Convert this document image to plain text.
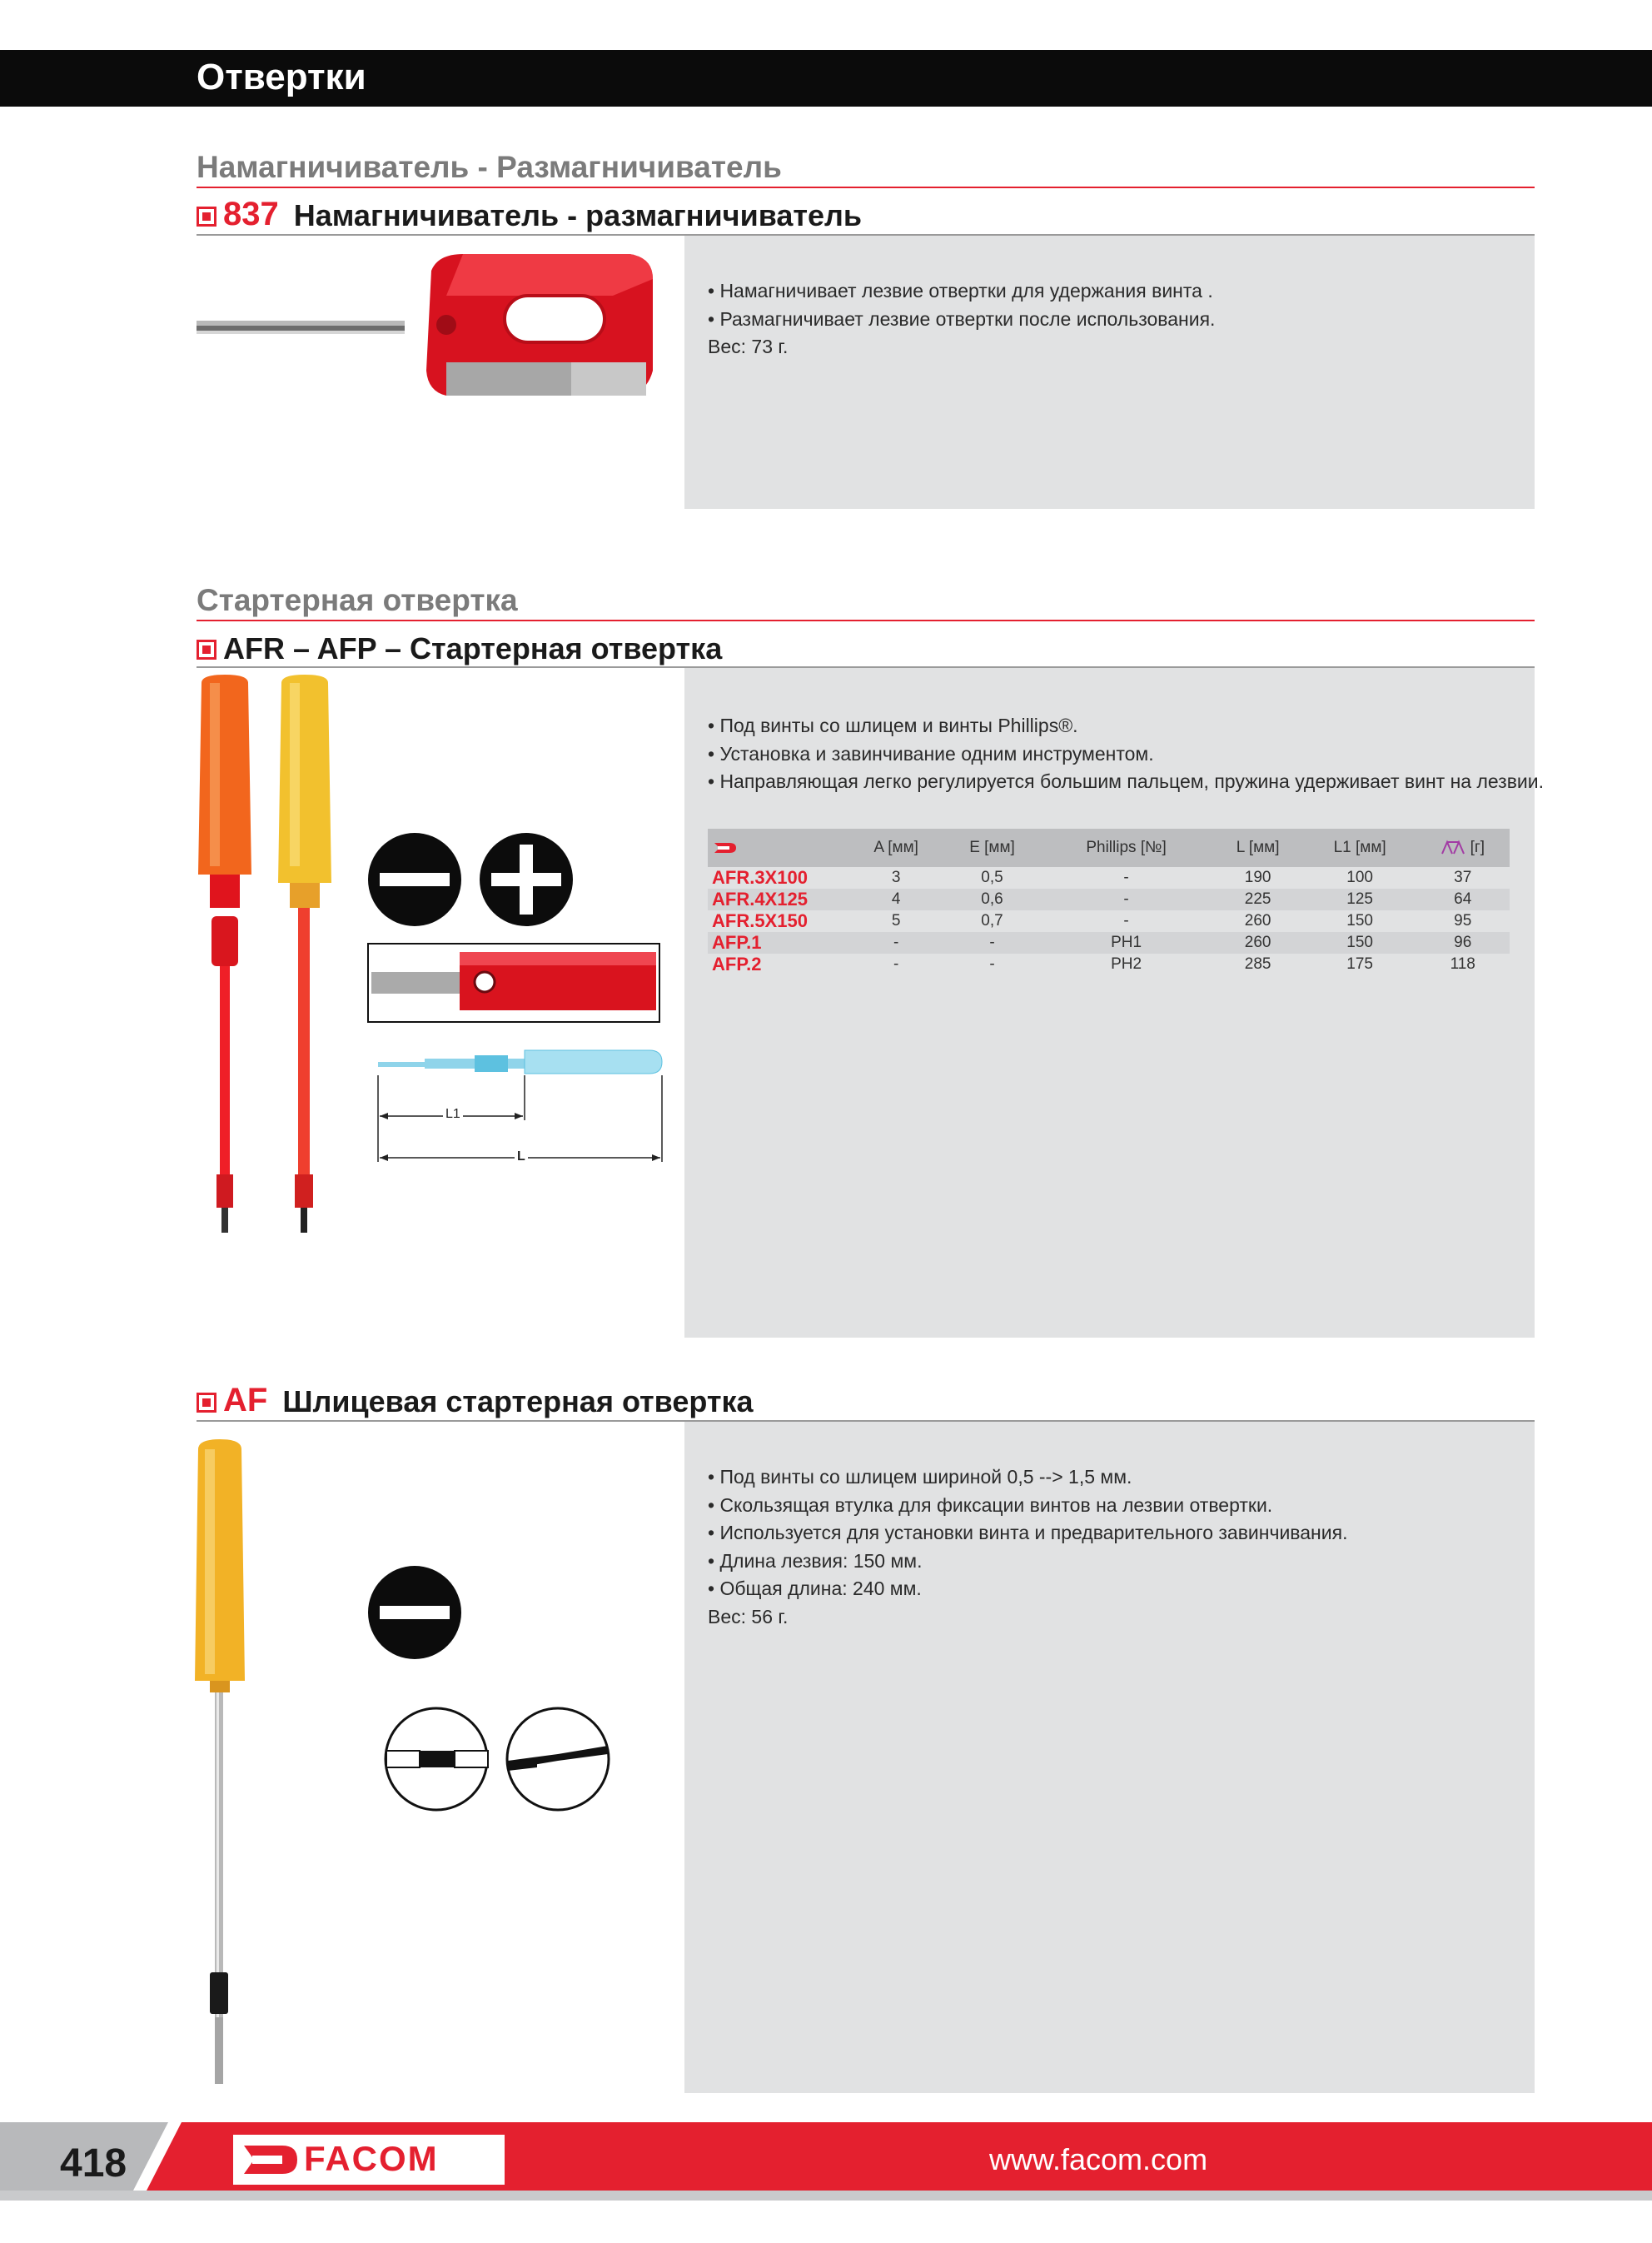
Отвертки
Намагничиватель - Размагничиватель
837 Намагничиватель - размагничиватель
• Намагничивает лезвие отвертки для удержания винта .
• Размагничивает лезвие отвертки после использования.
Вес: 73 г.
Стартерная отвертка
AFR – AFP – Стартерная отвертка
• Под винты со шлицем и винты Phillips®.
• Установка и завинчивание одним инструментом.
• Направляющая легко регулируется большим пальцем, пружина удерживает винт на лезвии.
	A [мм]	E [мм]	Phillips [№]	L [мм]	L1 [мм]	[г]
AFR.3X100	3	0,5	-	190	100	37
AFR.4X125	4	0,6	-	225	125	64
AFR.5X150	5	0,7	-	260	150	95
AFP.1	-	-	PH1	260	150	96
AFP.2	-	-	PH2	285	175	118
L1
L
AF Шлицевая стартерная отвертка
• Под винты со шлицем шириной 0,5 --> 1,5 мм.
• Скользящая втулка для фиксации винтов на лезвии отвертки.
• Используется для установки винта и предварительного завинчивания.
• Длина лезвия: 150 мм.
• Общая длина: 240 мм.
Вес: 56 г.
418	FACOM	www.facom.com
